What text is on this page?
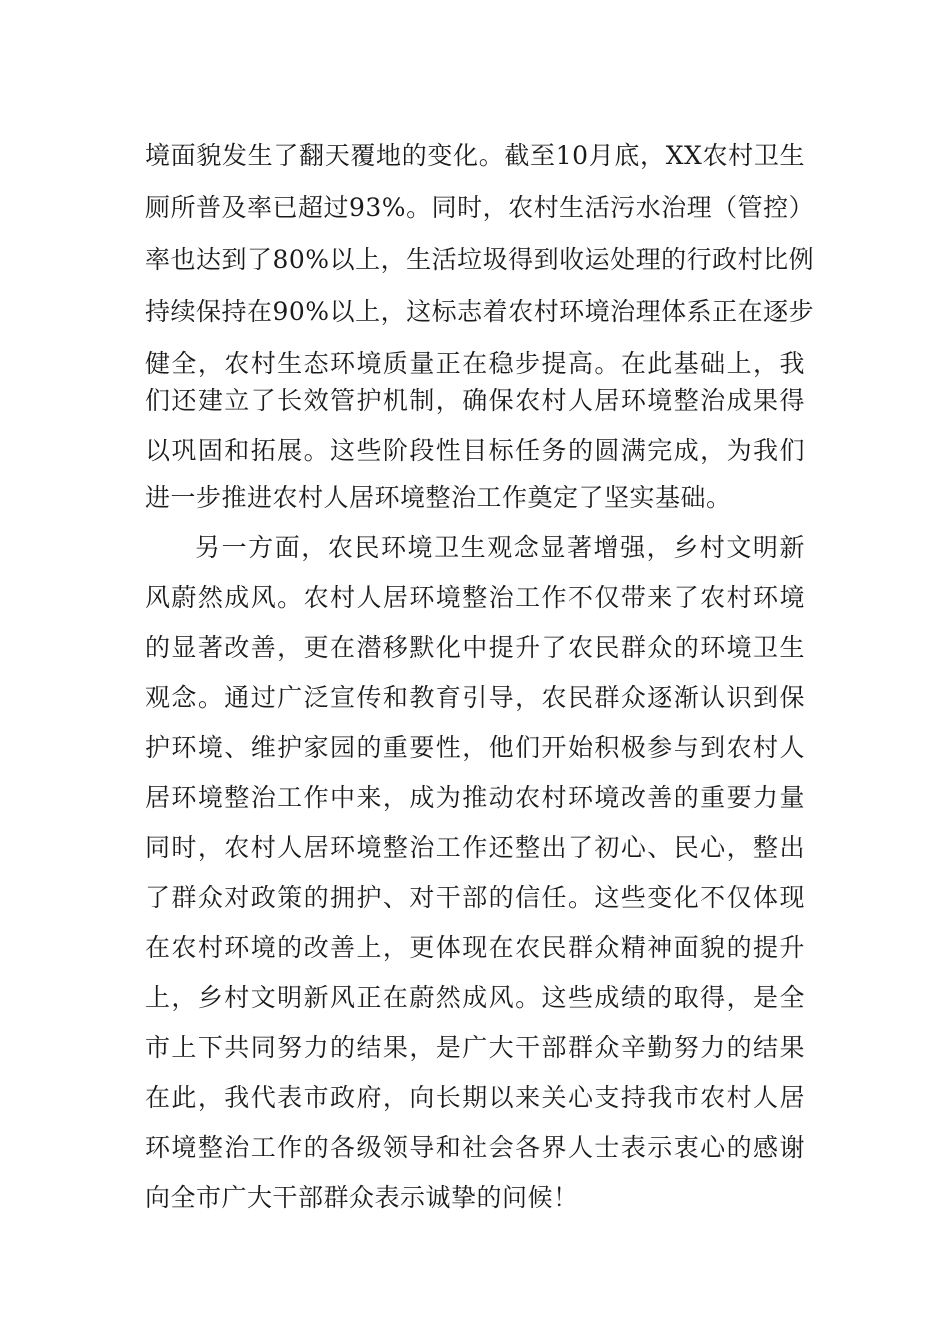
境面貌发生了翻天覆地的变化。截至10月底，XX农村卫生
厕所普及率已超过93%。同时，农村生活污水治理（管控）
率也达到了80%以上，生活垃圾得到收运处理的行政村比例
持续保持在90%以上，这标志着农村环境治理体系正在逐步
健全，农村生态环境质量正在稳步提高。在此基础上，我
们还建立了长效管护机制，确保农村人居环境整治成果得
以巩固和拓展。这些阶段性目标任务的圆满完成，为我们
进一步推进农村人居环境整治工作奠定了坚实基础。
另一方面，农民环境卫生观念显著增强，乡村文明新
风蔚然成风。农村人居环境整治工作不仅带来了农村环境
的显著改善，更在潜移默化中提升了农民群众的环境卫生
观念。通过广泛宣传和教育引导，农民群众逐渐认识到保
护环境、维护家园的重要性，他们开始积极参与到农村人
居环境整治工作中来，成为推动农村环境改善的重要力量
同时，农村人居环境整治工作还整出了初心、民心，整出
了群众对政策的拥护、对干部的信任。这些变化不仅体现
在农村环境的改善上，更体现在农民群众精神面貌的提升
上，乡村文明新风正在蔚然成风。这些成绩的取得，是全
市上下共同努力的结果，是广大干部群众辛勤努力的结果
在此，我代表市政府，向长期以来关心支持我市农村人居
环境整治工作的各级领导和社会各界人士表示衷心的感谢
向全市广大干部群众表示诚挚的问候！
